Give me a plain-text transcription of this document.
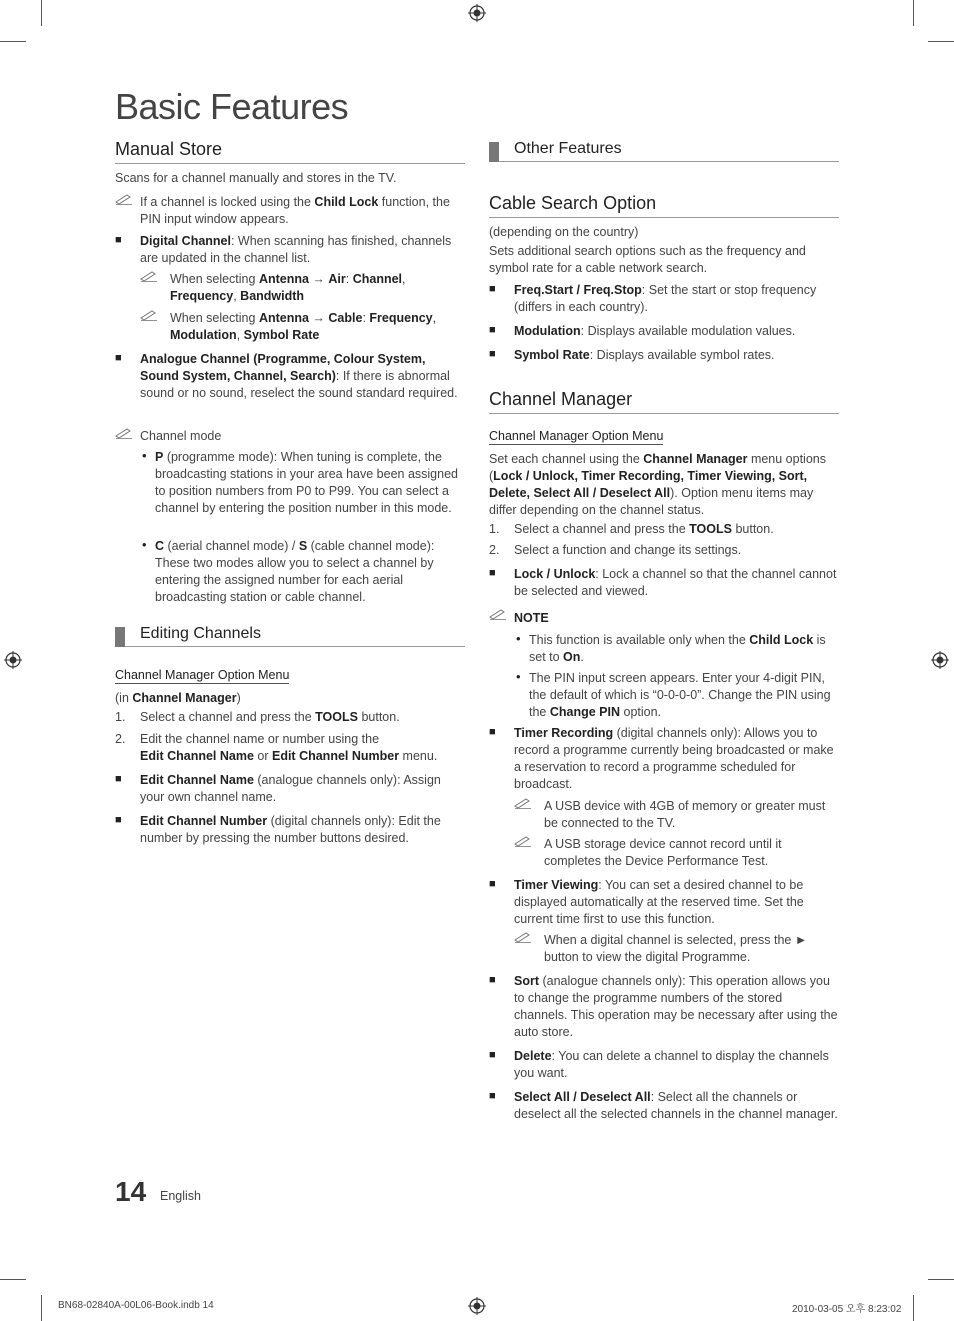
Basic Features
Manual Store
Scans for a channel manually and stores in the TV.
If a channel is locked using the Child Lock function, the PIN input window appears.
■ Digital Channel: When scanning has finished, channels are updated in the channel list.
When selecting Antenna → Air: Channel,
Frequency, Bandwidth
When selecting Antenna → Cable: Frequency,
Modulation, Symbol Rate
■ Analogue Channel (Programme, Colour System, Sound System, Channel, Search): If there is abnormal sound or no sound, reselect the sound standard required.
Channel mode
• P (programme mode): When tuning is complete, the broadcasting stations in your area have been assigned to position numbers from P0 to P99. You can select a channel by entering the position number in this mode.
• C (aerial channel mode) / S (cable channel mode): These two modes allow you to select a channel by entering the assigned number for each aerial broadcasting station or cable channel.
Editing Channels
Channel Manager Option Menu
(in Channel Manager)
1.	Select a channel and press the TOOLS button.
2.	Edit the channel name or number using the
Edit Channel Name or Edit Channel Number menu.
■ Edit Channel Name (analogue channels only): Assign your own channel name.
■ Edit Channel Number (digital channels only): Edit the number by pressing the number buttons desired.
Other Features
Cable Search Option
(depending on the country)
Sets additional search options such as the frequency and symbol rate for a cable network search.
■ Freq.Start / Freq.Stop: Set the start or stop frequency (differs in each country).
■ Modulation: Displays available modulation values.
■ Symbol Rate: Displays available symbol rates.
Channel Manager
Channel Manager Option Menu
Set each channel using the Channel Manager menu options (Lock / Unlock, Timer Recording, Timer Viewing, Sort, Delete, Select All / Deselect All). Option menu items may differ depending on the channel status.
1.	Select a channel and press the TOOLS button.
2.	Select a function and change its settings.
■ Lock / Unlock: Lock a channel so that the channel cannot be selected and viewed.
NOTE
• This function is available only when the Child Lock is set to On.
• The PIN input screen appears. Enter your 4-digit PIN, the default of which is “0-0-0-0”. Change the PIN using the Change PIN option.
■ Timer Recording (digital channels only): Allows you to record a programme currently being broadcasted or make a reservation to record a programme scheduled for broadcast.
A USB device with 4GB of memory or greater must be connected to the TV.
A USB storage device cannot record until it completes the Device Performance Test.
■ Timer Viewing: You can set a desired channel to be displayed automatically at the reserved time. Set the current time first to use this function.
When a digital channel is selected, press the ► button to view the digital Programme.
■ Sort (analogue channels only): This operation allows you to change the programme numbers of the stored channels. This operation may be necessary after using the auto store.
■ Delete: You can delete a channel to display the channels you want.
■ Select All / Deselect All: Select all the channels or deselect all the selected channels in the channel manager.
14 English
BN68-02840A-00L06-Book.indb 14	2010-03-05 오후 8:23:02
